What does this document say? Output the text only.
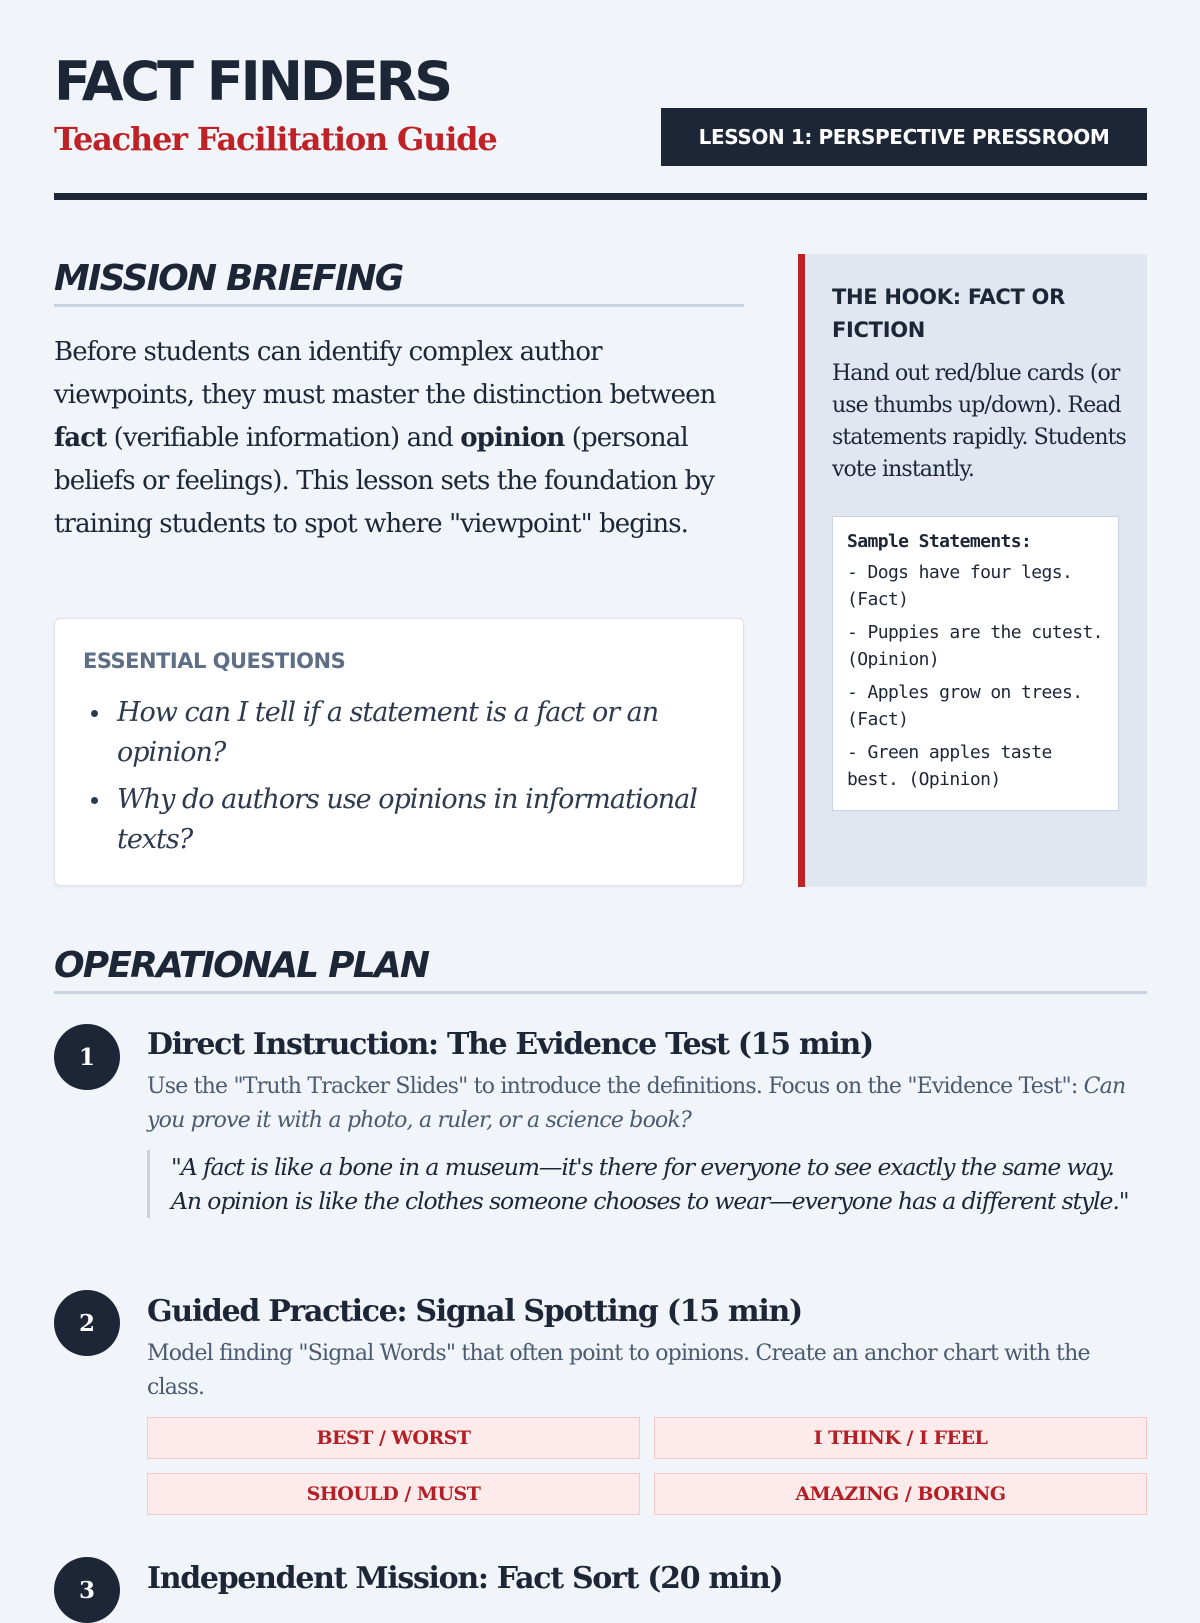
FACT FINDERS
Teacher Facilitation Guide	LESSON 1: PERSPECTIVE PRESSROOM
MISSION BRIEFING

Before students can identify complex author viewpoints, they must master the distinction between fact (verifiable information) and opinion (personal beliefs or feelings). This lesson sets the foundation by training students to spot where "viewpoint" begins.

ESSENTIAL QUESTIONS
How can I tell if a statement is a fact or an opinion?
Why do authors use opinions in informational texts?
THE HOOK: FACT OR FICTION

Hand out red/blue cards (or use thumbs up/down). Read statements rapidly. Students vote instantly.

Sample Statements:

- Dogs have four legs. (Fact)

- Puppies are the cutest. (Opinion)

- Apples grow on trees. (Fact)

- Green apples taste best. (Opinion)

OPERATIONAL PLAN
1	Direct Instruction: The Evidence Test (15 min)

Use the "Truth Tracker Slides" to introduce the definitions. Focus on the "Evidence Test": Can you prove it with a photo, a ruler, or a science book?

"A fact is like a bone in a museum—it's there for everyone to see exactly the same way. An opinion is like the clothes someone chooses to wear—everyone has a different style."
2	Guided Practice: Signal Spotting (15 min)

Model finding "Signal Words" that often point to opinions. Create an anchor chart with the class.

BEST / WORST	I THINK / I FEEL
SHOULD / MUST	AMAZING / BORING
3	Independent Mission: Fact Sort (20 min)
